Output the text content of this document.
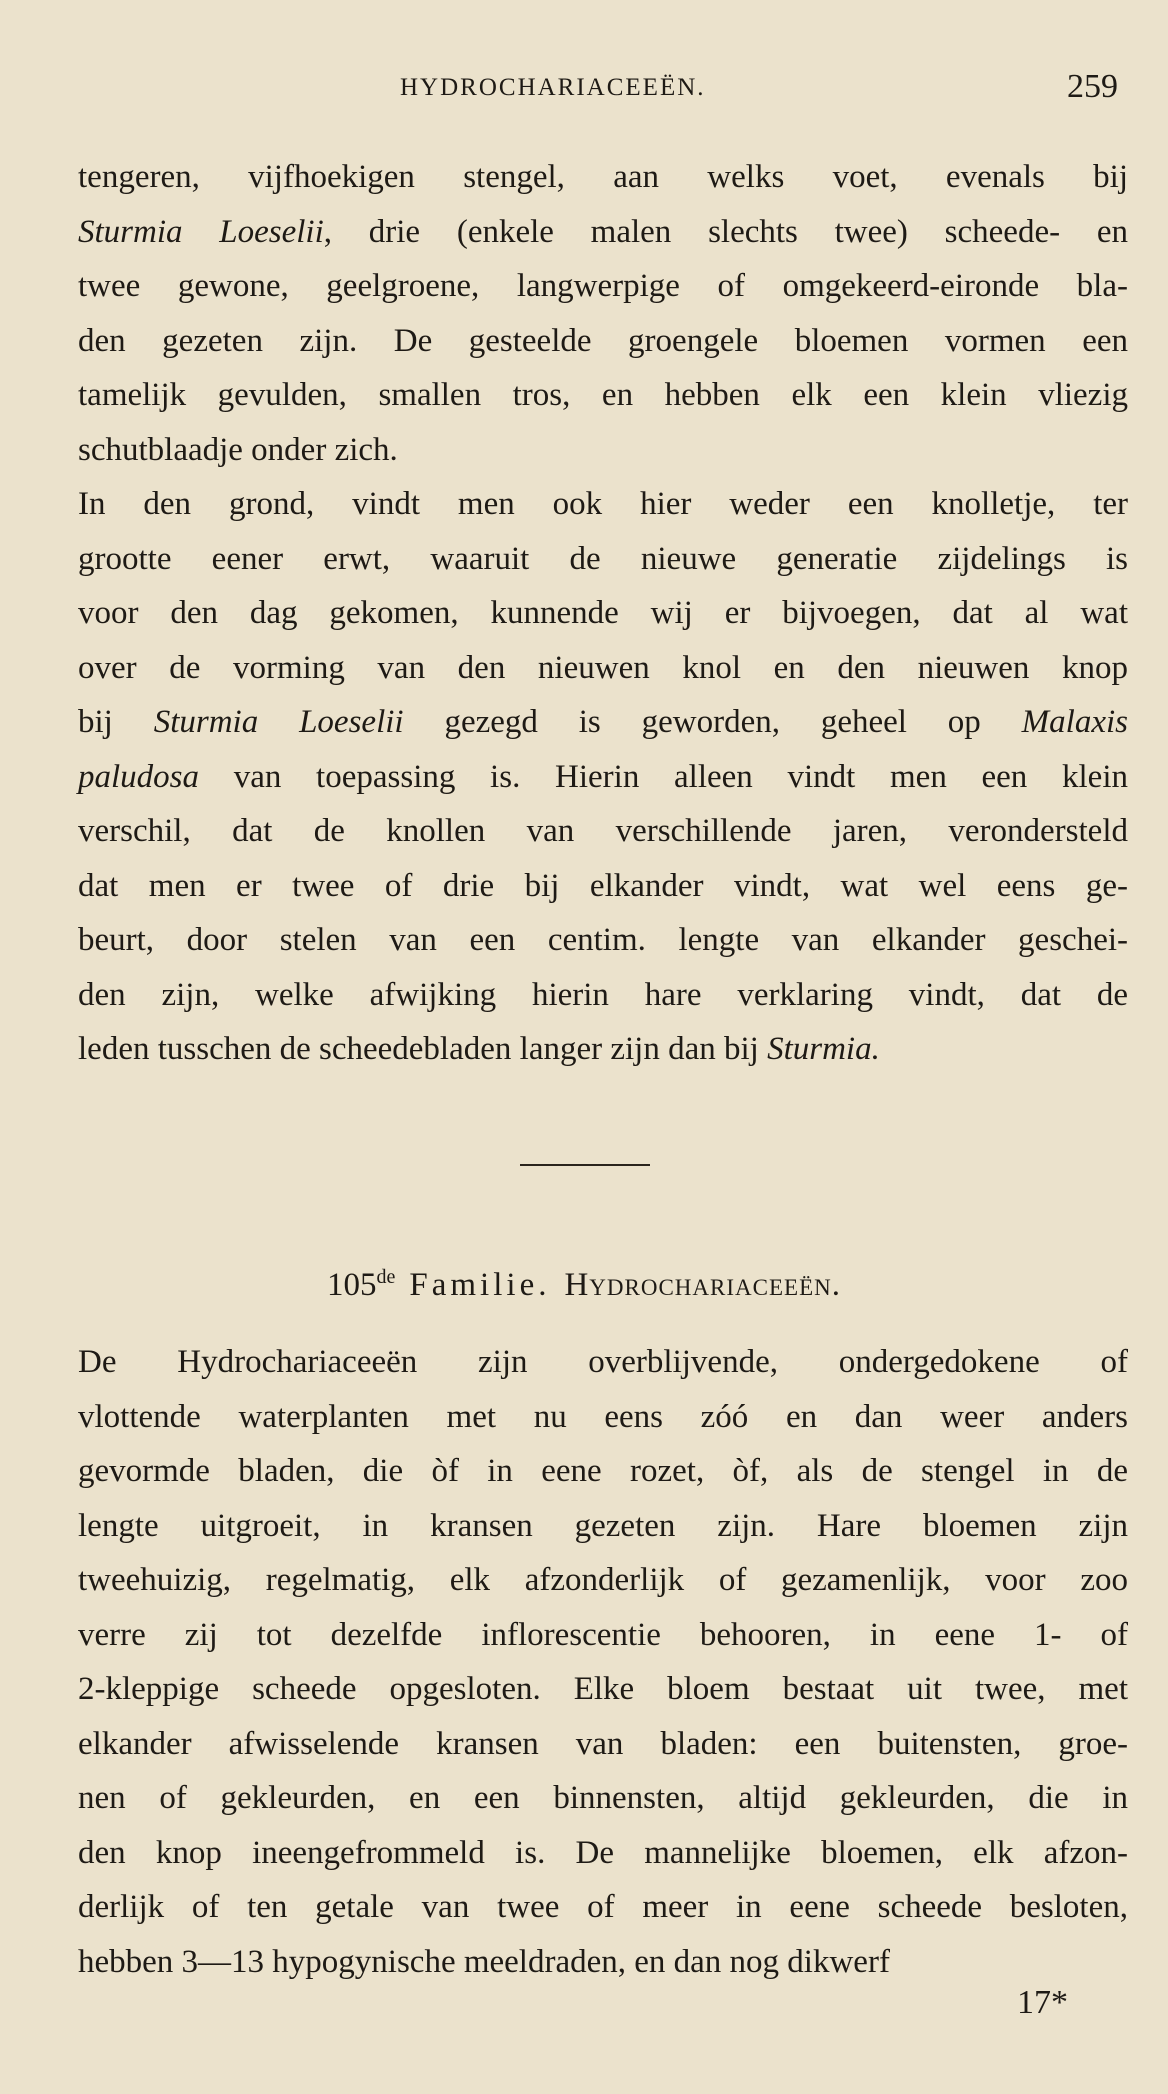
HYDROCHARIACEEËN.	259
tengeren, vijfhoekigen stengel, aan welks voet, evenals bij
Sturmia Loeselii, drie (enkele malen slechts twee) scheede- en
twee gewone, geelgroene, langwerpige of omgekeerd-eironde bla-
den gezeten zijn. De gesteelde groengele bloemen vormen een
tamelijk gevulden, smallen tros, en hebben elk een klein vliezig
schutblaadje onder zich.
In den grond, vindt men ook hier weder een knolletje, ter
grootte eener erwt, waaruit de nieuwe generatie zijdelings is
voor den dag gekomen, kunnende wij er bijvoegen, dat al wat
over de vorming van den nieuwen knol en den nieuwen knop
bij Sturmia Loeselii gezegd is geworden, geheel op Malaxis
paludosa van toepassing is. Hierin alleen vindt men een klein
verschil, dat de knollen van verschillende jaren, verondersteld
dat men er twee of drie bij elkander vindt, wat wel eens ge-
beurt, door stelen van een centim. lengte van elkander geschei-
den zijn, welke afwijking hierin hare verklaring vindt, dat de
leden tusschen de scheedebladen langer zijn dan bij Sturmia.
105de Familie. Hydrochariaceeën.
De Hydrochariaceeën zijn overblijvende, ondergedokene of
vlottende waterplanten met nu eens zóó en dan weer anders
gevormde bladen, die òf in eene rozet, òf, als de stengel in de
lengte uitgroeit, in kransen gezeten zijn. Hare bloemen zijn
tweehuizig, regelmatig, elk afzonderlijk of gezamenlijk, voor zoo
verre zij tot dezelfde inflorescentie behooren, in eene 1- of
2-kleppige scheede opgesloten. Elke bloem bestaat uit twee, met
elkander afwisselende kransen van bladen: een buitensten, groe-
nen of gekleurden, en een binnensten, altijd gekleurden, die in
den knop ineengefrommeld is. De mannelijke bloemen, elk afzon-
derlijk of ten getale van twee of meer in eene scheede besloten,
hebben 3—13 hypogynische meeldraden, en dan nog dikwerf
17*
